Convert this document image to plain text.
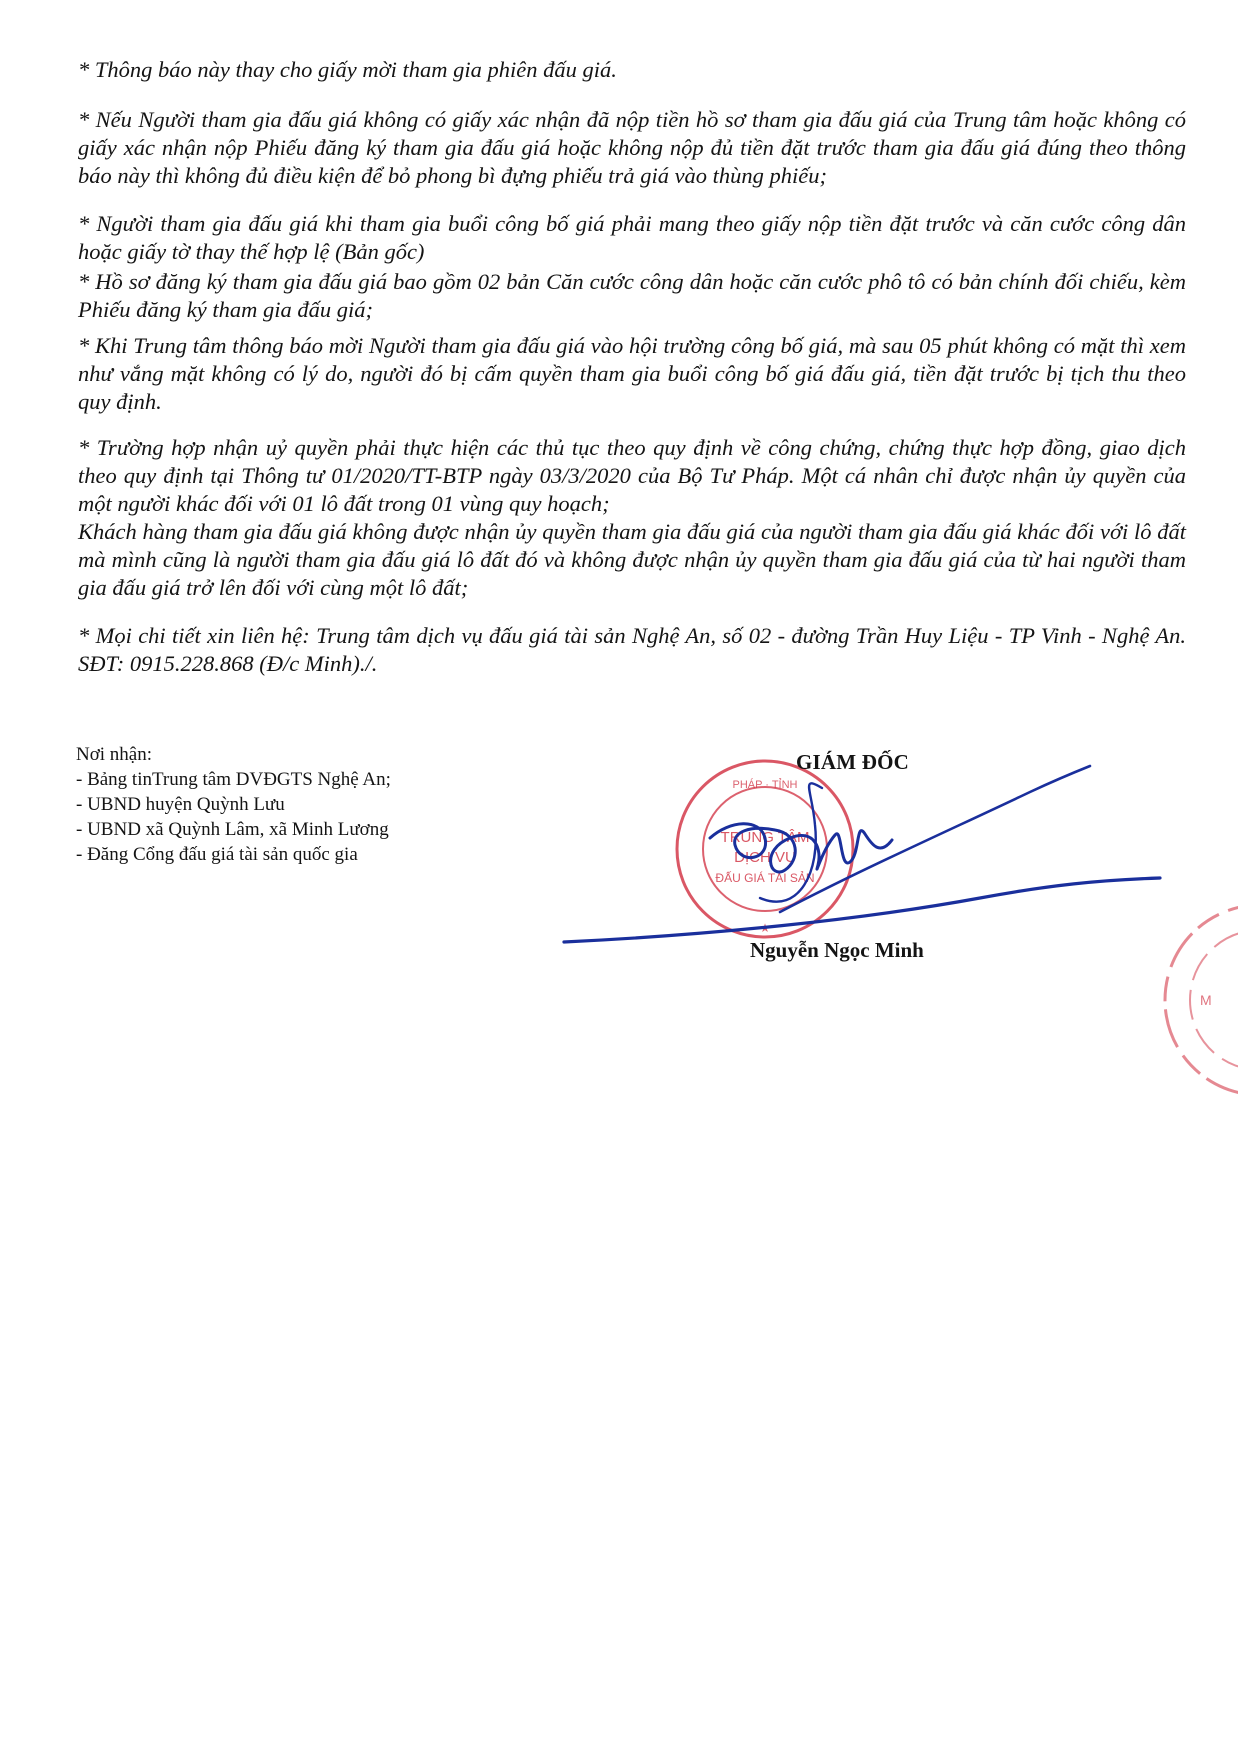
* Thông báo này thay cho giấy mời tham gia phiên đấu giá.

* Nếu Người tham gia đấu giá không có giấy xác nhận đã nộp tiền hồ sơ tham gia đấu giá của Trung tâm hoặc không có giấy xác nhận nộp Phiếu đăng ký tham gia đấu giá hoặc không nộp đủ tiền đặt trước tham gia đấu giá đúng theo thông báo này thì không đủ điều kiện để bỏ phong bì đựng phiếu trả giá vào thùng phiếu;

* Người tham gia đấu giá khi tham gia buổi công bố giá phải mang theo giấy nộp tiền đặt trước và căn cước công dân hoặc giấy tờ thay thế hợp lệ (Bản gốc)

* Hồ sơ đăng ký tham gia đấu giá bao gồm 02 bản Căn cước công dân hoặc căn cước phô tô có bản chính đối chiếu, kèm Phiếu đăng ký tham gia đấu giá;

* Khi Trung tâm thông báo mời Người tham gia đấu giá vào hội trường công bố giá, mà sau 05 phút không có mặt thì xem như vắng mặt không có lý do, người đó bị cấm quyền tham gia buổi công bố giá đấu giá, tiền đặt trước bị tịch thu theo quy định.

* Trường hợp nhận uỷ quyền phải thực hiện các thủ tục theo quy định về công chứng, chứng thực hợp đồng, giao dịch theo quy định tại Thông tư 01/2020/TT-BTP ngày 03/3/2020 của Bộ Tư Pháp. Một cá nhân chỉ được nhận ủy quyền của một người khác đối với 01 lô đất trong 01 vùng quy hoạch;

Khách hàng tham gia đấu giá không được nhận ủy quyền tham gia đấu giá của người tham gia đấu giá khác đối với lô đất mà mình cũng là người tham gia đấu giá lô đất đó và không được nhận ủy quyền tham gia đấu giá của từ hai người tham gia đấu giá trở lên đối với cùng một lô đất;

* Mọi chi tiết xin liên hệ: Trung tâm dịch vụ đấu giá tài sản Nghệ An, số 02 - đường Trần Huy Liệu - TP Vinh - Nghệ An. SĐT: 0915.228.868 (Đ/c Minh)./.

Nơi nhận:

- Bảng tinTrung tâm DVĐGTS Nghệ An;
- UBND huyện Quỳnh Lưu
- UBND xã Quỳnh Lâm, xã Minh Lương
- Đăng Cổng đấu giá tài sản quốc gia
PHÁP · TỈNH
TRUNG TÂM
DỊCH VỤ
ĐẤU GIÁ TÀI SẢN
★
GIÁM ĐỐC
Nguyễn Ngọc Minh
M
